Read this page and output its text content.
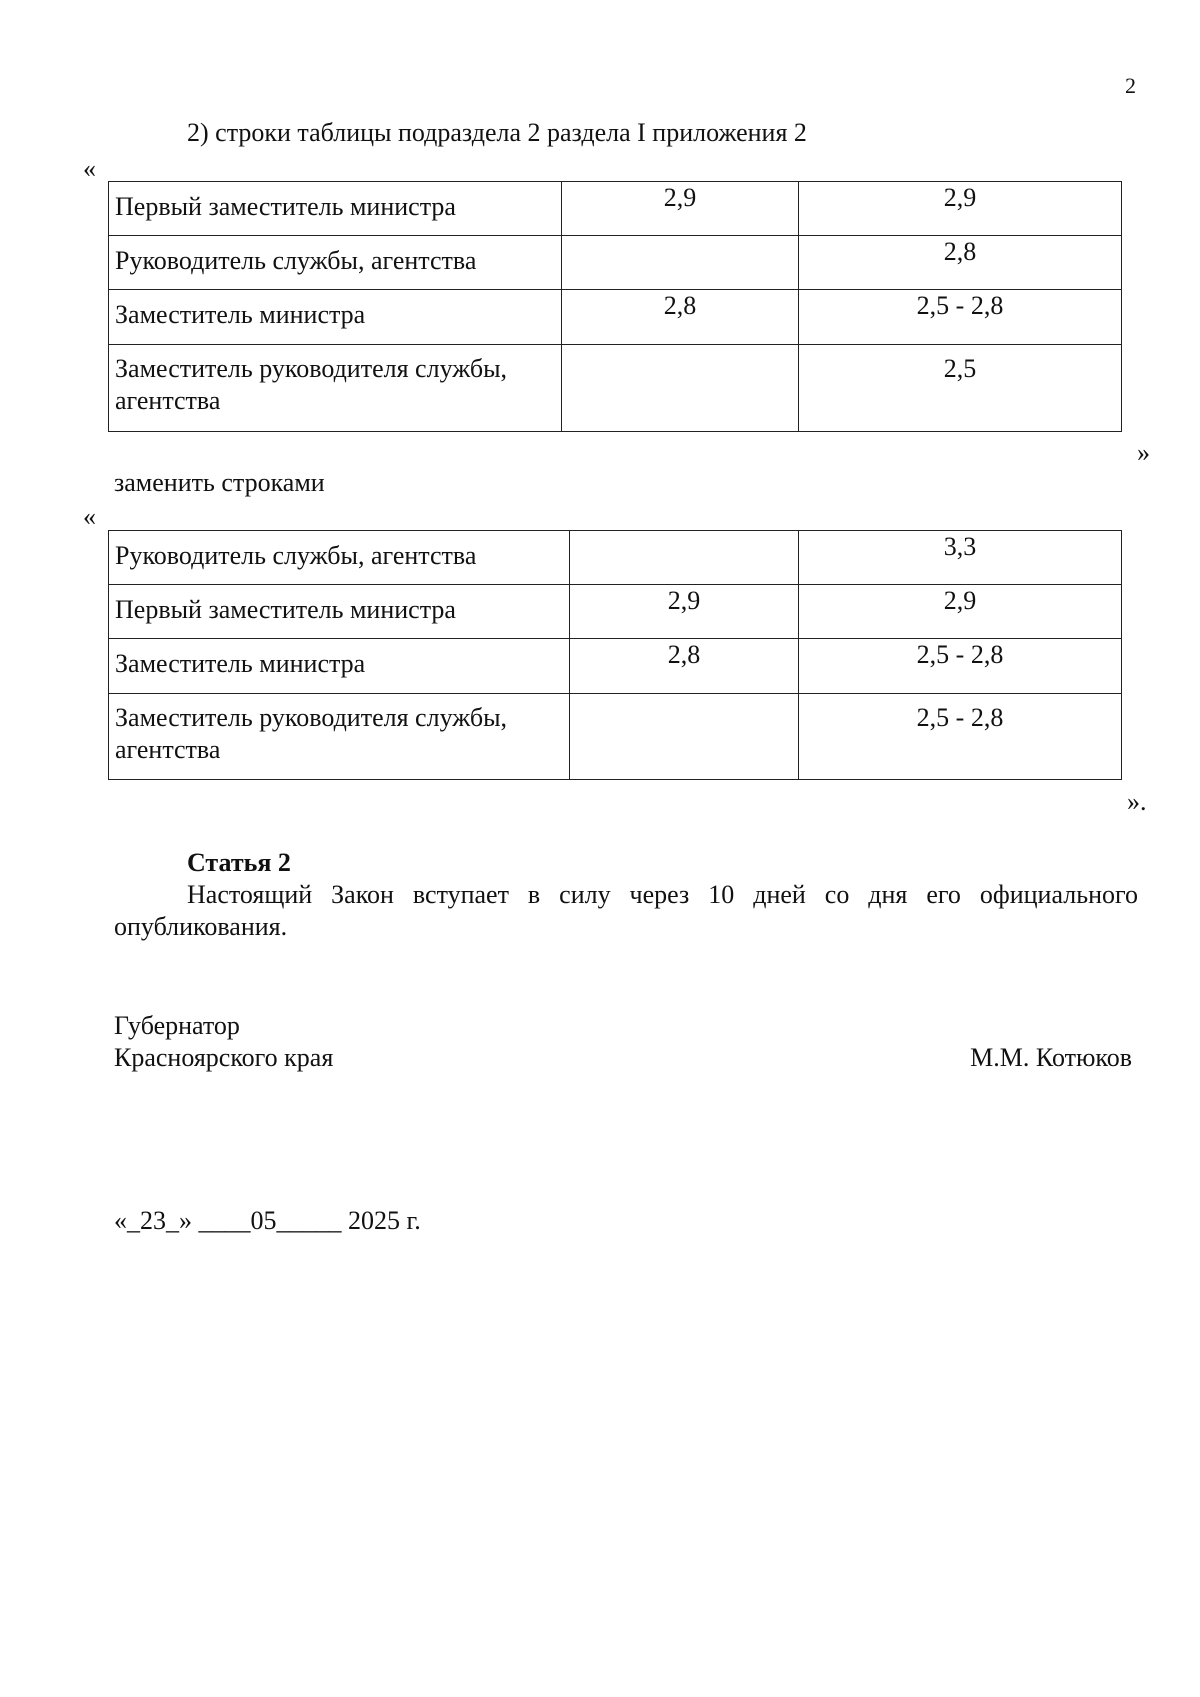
2
2) строки таблицы подраздела 2 раздела I приложения 2
«
Первый заместитель министра	2,9	2,9
Руководитель службы, агентства		2,8
Заместитель министра	2,8	2,5 - 2,8

Заместитель руководителя службы,
агентства		2,5
»
заменить строками
«
Руководитель службы, агентства		3,3
Первый заместитель министра	2,9	2,9
Заместитель министра	2,8	2,5 - 2,8

Заместитель руководителя службы,
агентства		2,5 - 2,8
».
Статья 2
Настоящий Закон вступает в силу через 10 дней со дня его официального
опубликования.
Губернатор
Красноярского края	М.М. Котюков
«_23_» ____05_____ 2025 г.
